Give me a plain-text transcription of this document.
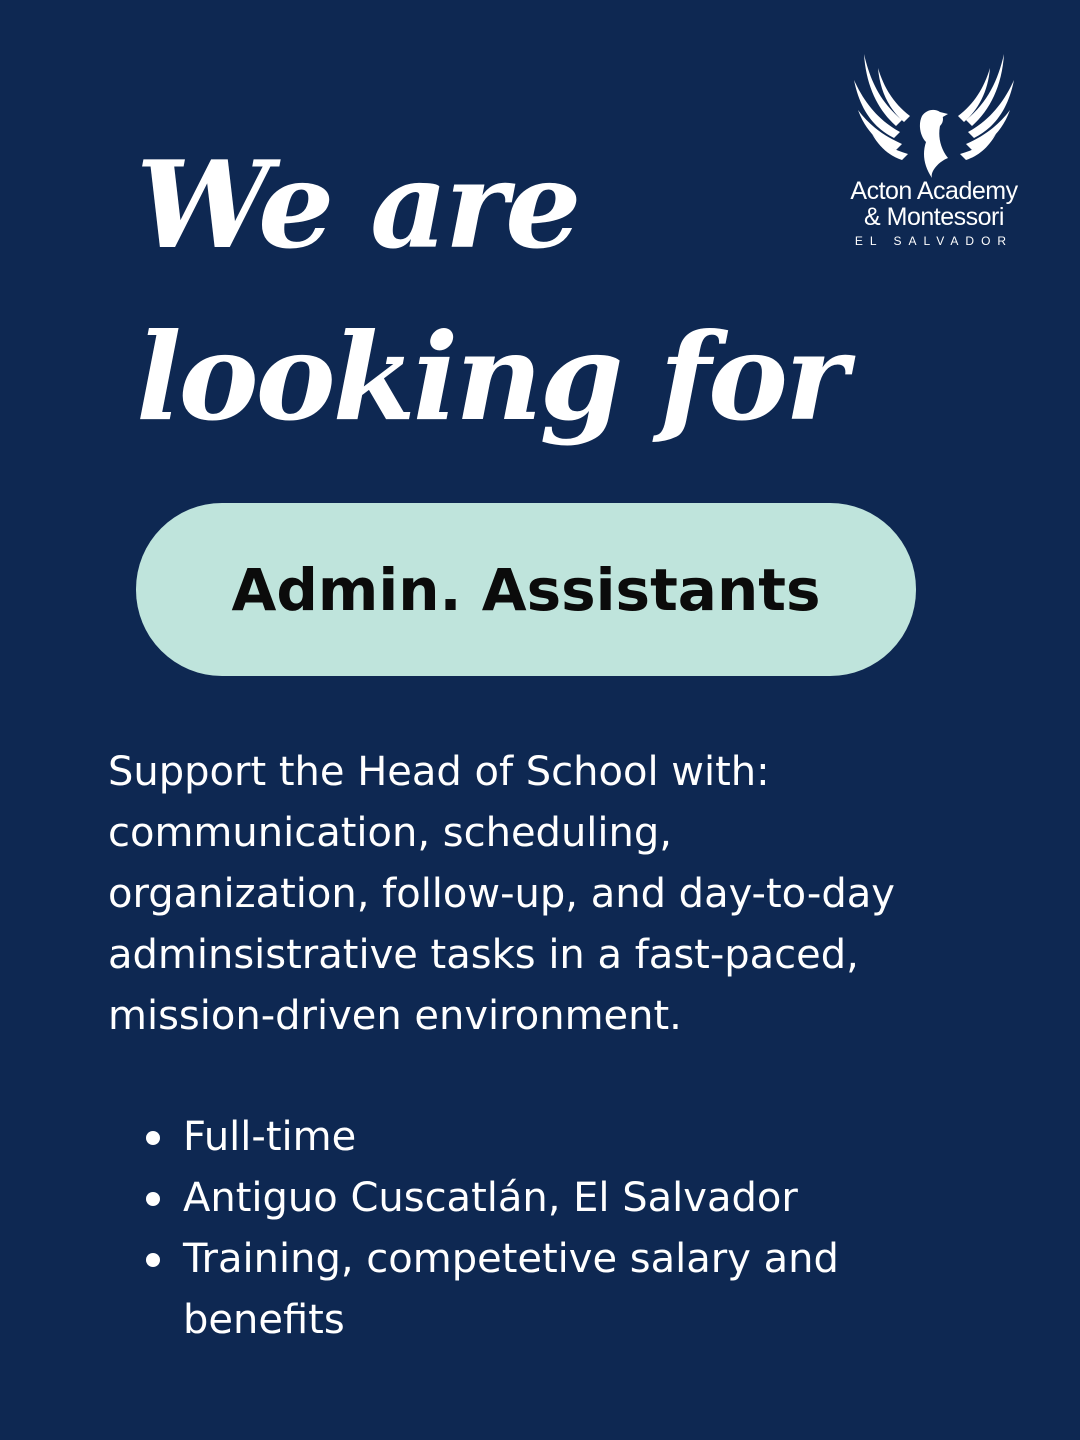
We are
looking for
Acton Academy
& Montessori
EL SALVADOR
Admin. Assistants

Support the Head of School with:
communication, scheduling,
organization, follow-up, and day-to-day
adminsistrative tasks in a fast-paced,
mission-driven environment.

Full-time
Antiguo Cuscatlán, El Salvador
Training, competetive salary and
benefits
